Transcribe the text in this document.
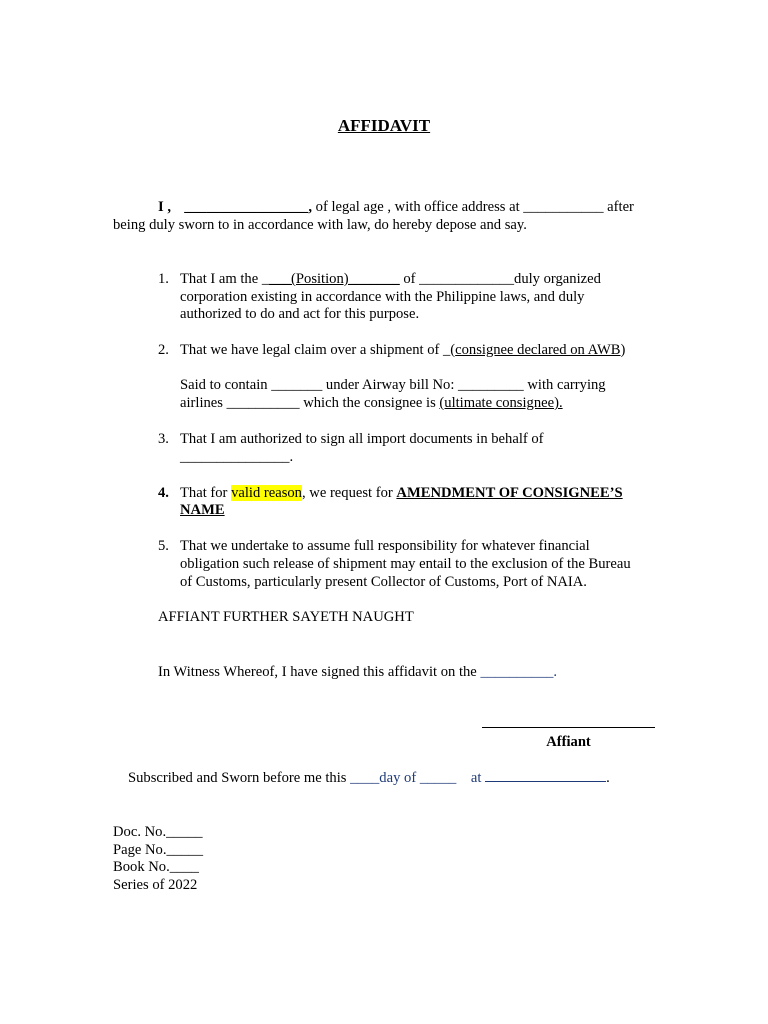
AFFIDAVIT
I , _________________, of legal age , with office address at ___________ after
being duly sworn to in accordance with law, do hereby depose and say.
1. That I am the ____(Position)_______ of _____________duly organized
corporation existing in accordance with the Philippine laws, and duly
authorized to do and act for this purpose.
2. That we have legal claim over a shipment of _(consignee declared on AWB)
Said to contain _______ under Airway bill No: _________ with carrying
airlines __________ which the consignee is (ultimate consignee).
3. That I am authorized to sign all import documents in behalf of
_______________.
4. That for valid reason, we request for AMENDMENT OF CONSIGNEE’S
NAME
5. That we undertake to assume full responsibility for whatever financial
obligation such release of shipment may entail to the exclusion of the Bureau
of Customs, particularly present Collector of Customs, Port of NAIA.
AFFIANT FURTHER SAYETH NAUGHT
In Witness Whereof, I have signed this affidavit on the __________.
Affiant
Subscribed and Sworn before me this ____day of _____    at	.
Doc. No._____
Page No._____
Book No.____
Series of 2022
